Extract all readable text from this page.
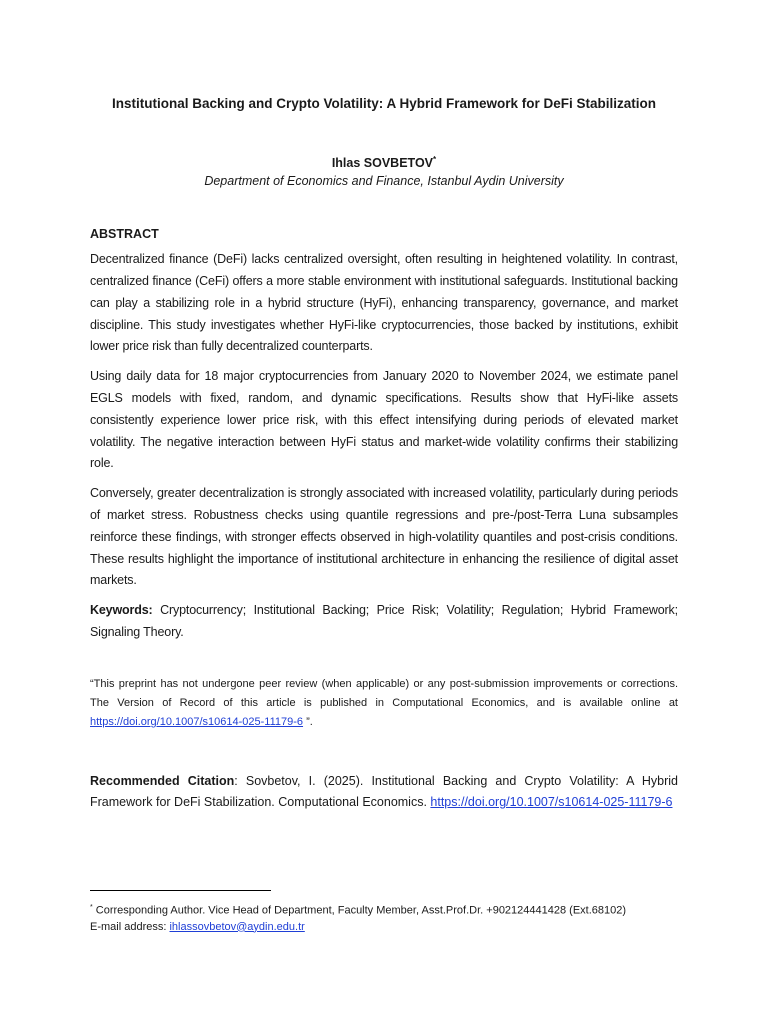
Institutional Backing and Crypto Volatility: A Hybrid Framework for DeFi Stabilization
Ihlas SOVBETOV*
Department of Economics and Finance, Istanbul Aydin University
ABSTRACT

Decentralized finance (DeFi) lacks centralized oversight, often resulting in heightened volatility. In contrast, centralized finance (CeFi) offers a more stable environment with institutional safeguards. Institutional backing can play a stabilizing role in a hybrid structure (HyFi), enhancing transparency, governance, and market discipline. This study investigates whether HyFi-like cryptocurrencies, those backed by institutions, exhibit lower price risk than fully decentralized counterparts.

Using daily data for 18 major cryptocurrencies from January 2020 to November 2024, we estimate panel EGLS models with fixed, random, and dynamic specifications. Results show that HyFi-like assets consistently experience lower price risk, with this effect intensifying during periods of elevated market volatility. The negative interaction between HyFi status and market-wide volatility confirms their stabilizing role.

Conversely, greater decentralization is strongly associated with increased volatility, particularly during periods of market stress. Robustness checks using quantile regressions and pre-/post-Terra Luna subsamples reinforce these findings, with stronger effects observed in high-volatility quantiles and post-crisis conditions. These results highlight the importance of institutional architecture in enhancing the resilience of digital asset markets.

Keywords: Cryptocurrency; Institutional Backing; Price Risk; Volatility; Regulation; Hybrid Framework; Signaling Theory.

“This preprint has not undergone peer review (when applicable) or any post-submission improvements or corrections. The Version of Record of this article is published in Computational Economics, and is available online at https://doi.org/10.1007/s10614-025-11179-6 ”.

Recommended Citation: Sovbetov, I. (2025). Institutional Backing and Crypto Volatility: A Hybrid Framework for DeFi Stabilization. Computational Economics. https://doi.org/10.1007/s10614-025-11179-6

* Corresponding Author. Vice Head of Department, Faculty Member, Asst.Prof.Dr. +902124441428 (Ext.68102)
E-mail address: ihlassovbetov@aydin.edu.tr
